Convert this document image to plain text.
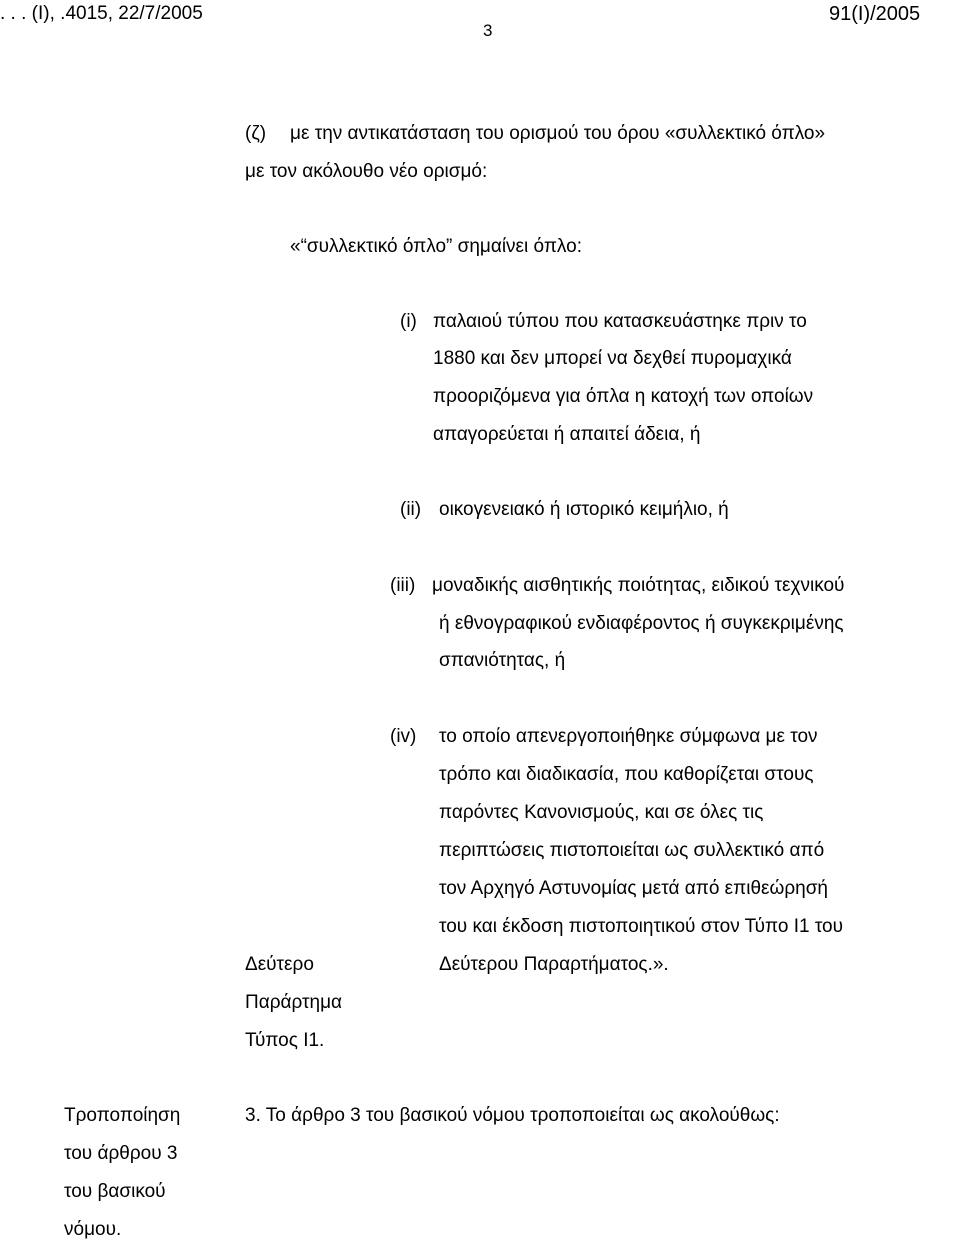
. . . (I), .4015, 22/7/2005
3
91(I)/2005
(ζ) με την αντικατάσταση του ορισμού του όρου «συλλεκτικό όπλο»
με τον ακόλουθο νέο ορισμό:
«“συλλεκτικό όπλο” σημαίνει όπλο:
(i) παλαιού τύπου που κατασκευάστηκε πριν το
1880 και δεν μπορεί να δεχθεί πυρομαχικά
προοριζόμενα για όπλα η κατοχή των οποίων
απαγορεύεται ή απαιτεί άδεια, ή
(ii) οικογενειακό ή ιστορικό κειμήλιο, ή
(iii) μοναδικής αισθητικής ποιότητας, ειδικού τεχνικού
ή εθνογραφικού ενδιαφέροντος ή συγκεκριμένης
σπανιότητας, ή
(iv) το οποίο απενεργοποιήθηκε σύμφωνα με τον
τρόπο και διαδικασία, που καθορίζεται στους
παρόντες Κανονισμούς, και σε όλες τις
περιπτώσεις πιστοποιείται ως συλλεκτικό από
τον Αρχηγό Αστυνομίας μετά από επιθεώρησή
του και έκδοση πιστοποιητικού στον Τύπο Ι1 του
Δεύτερου Παραρτήματος.».
Δεύτερο
Παράρτημα
Τύπος Ι1.
Τροποποίηση
του άρθρου 3
του βασικού
νόμου.
3. Το άρθρο 3 του βασικού νόμου τροποποιείται ως ακολούθως:
